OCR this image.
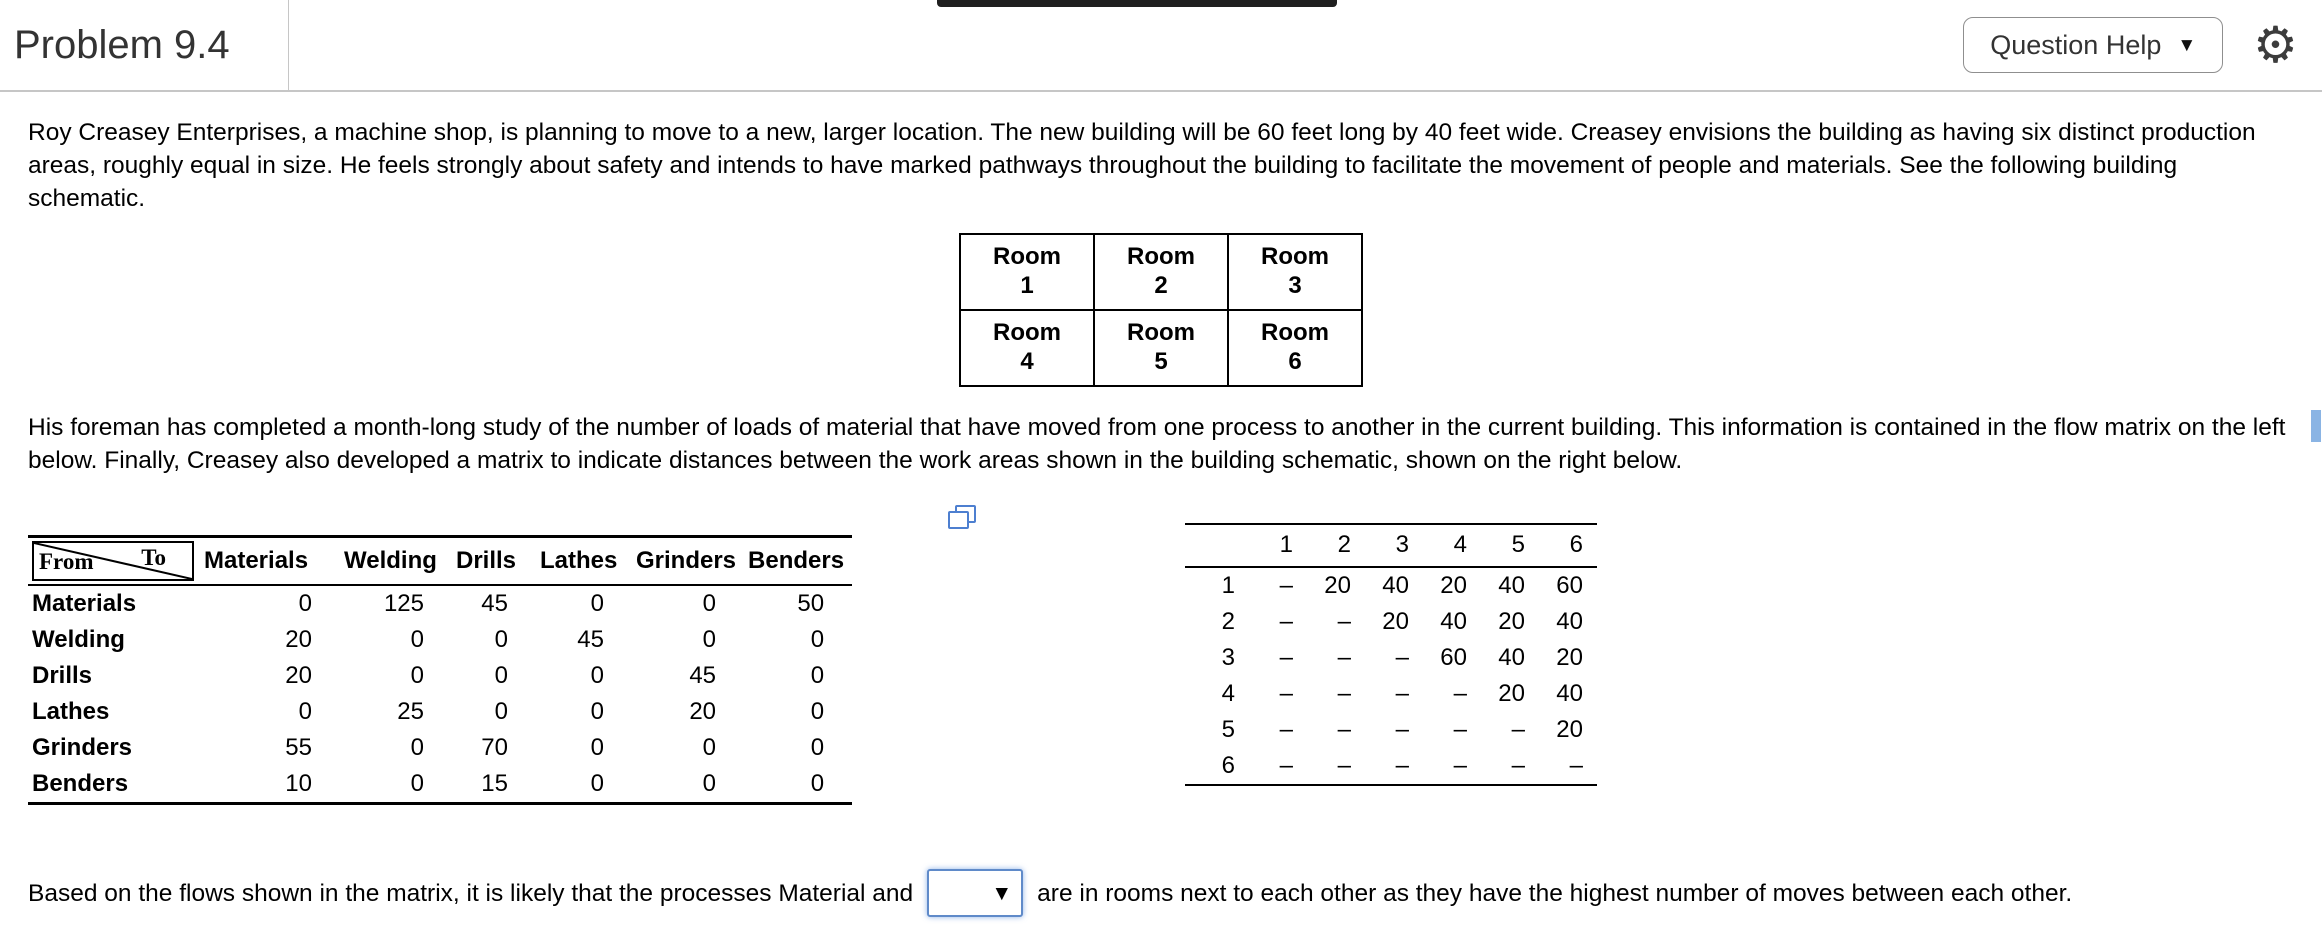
Problem 9.4	Question Help ▼ ⚙

Roy Creasey Enterprises, a machine shop, is planning to move to a new, larger location. The new building will be 60 feet long by 40 feet wide. Creasey envisions the building as having six distinct production areas, roughly equal in size. He feels strongly about safety and intends to have marked pathways throughout the building to facilitate the movement of people and materials. See the following building schematic.

Room
1

Room
2

Room
3

Room
4

Room
5

Room
6

His foreman has completed a month-long study of the number of loads of material that have moved from one process to another in the current building. This information is contained in the flow matrix on the left below. Finally, Creasey also developed a matrix to indicate distances between the work areas shown in the building schematic, shown on the right below.

From To	Materials	Welding	Drills	Lathes	Grinders	Benders
Materials	0	125	45	0	0	50
Welding	20	0	0	45	0	0
Drills	20	0	0	0	45	0
Lathes	0	25	0	0	20	0
Grinders	55	0	70	0	0	0
Benders	10	0	15	0	0	0
	1	2	3	4	5	6
1	–	20	40	20	40	60
2	–	–	20	40	20	40
3	–	–	–	60	40	20
4	–	–	–	–	20	40
5	–	–	–	–	–	20
6	–	–	–	–	–	–

Based on the flows shown in the matrix, it is likely that the processes Material and	▼ are in rooms next to each other as they have the highest number of moves between each other.
